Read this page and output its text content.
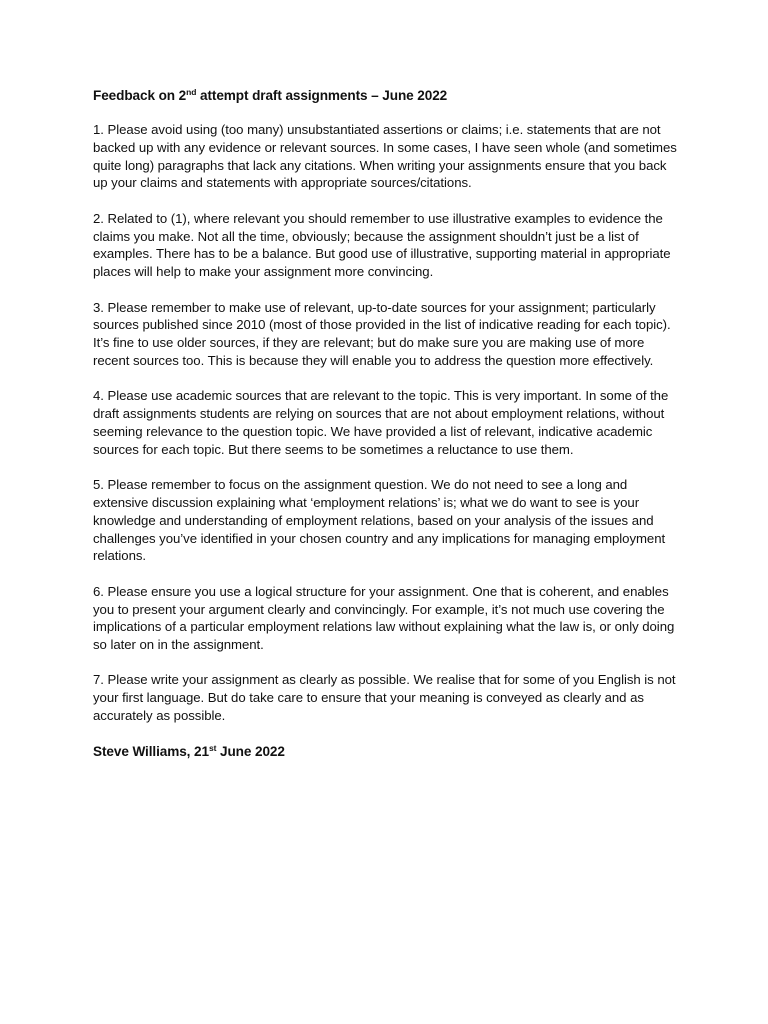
Feedback on 2nd attempt draft assignments – June 2022

1. Please avoid using (too many) unsubstantiated assertions or claims; i.e. statements that are not backed up with any evidence or relevant sources. In some cases, I have seen whole (and sometimes quite long) paragraphs that lack any citations. When writing your assignments ensure that you back up your claims and statements with appropriate sources/citations.

2. Related to (1), where relevant you should remember to use illustrative examples to evidence the claims you make. Not all the time, obviously; because the assignment shouldn’t just be a list of examples. There has to be a balance. But good use of illustrative, supporting material in appropriate places will help to make your assignment more convincing.

3. Please remember to make use of relevant, up-to-date sources for your assignment; particularly sources published since 2010 (most of those provided in the list of indicative reading for each topic). It’s fine to use older sources, if they are relevant; but do make sure you are making use of more recent sources too. This is because they will enable you to address the question more effectively.

4. Please use academic sources that are relevant to the topic. This is very important. In some of the draft assignments students are relying on sources that are not about employment relations, without seeming relevance to the question topic. We have provided a list of relevant, indicative academic sources for each topic. But there seems to be sometimes a reluctance to use them.

5. Please remember to focus on the assignment question. We do not need to see a long and extensive discussion explaining what ‘employment relations’ is; what we do want to see is your knowledge and understanding of employment relations, based on your analysis of the issues and challenges you’ve identified in your chosen country and any implications for managing employment relations.

6. Please ensure you use a logical structure for your assignment. One that is coherent, and enables you to present your argument clearly and convincingly. For example, it’s not much use covering the implications of a particular employment relations law without explaining what the law is, or only doing so later on in the assignment.

7. Please write your assignment as clearly as possible. We realise that for some of you English is not your first language. But do take care to ensure that your meaning is conveyed as clearly and as accurately as possible.

Steve Williams, 21st June 2022
